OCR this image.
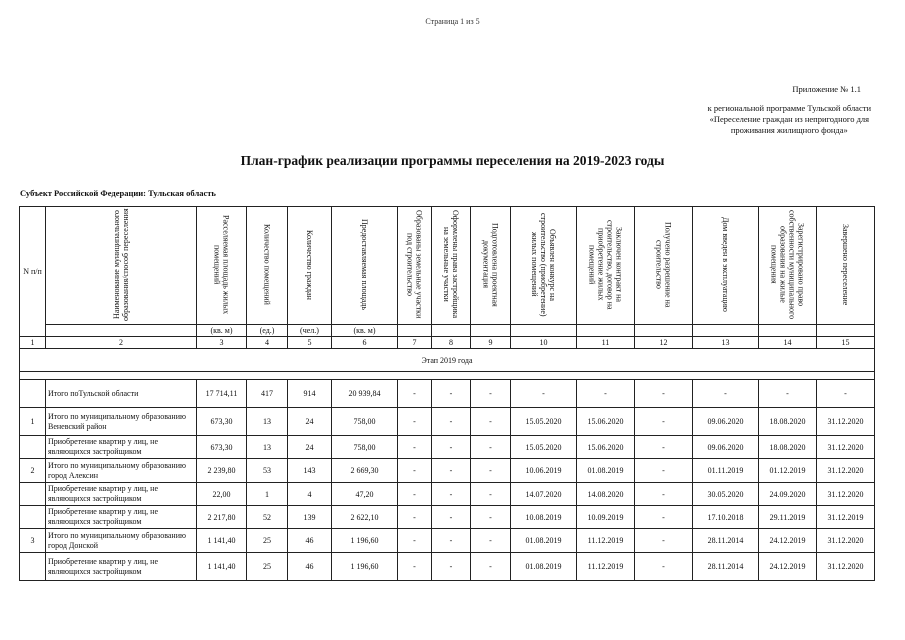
Страница 1 из 5
Приложение № 1.1
к региональной программе Тульской области
«Переселение граждан из непригодного для
проживания жилищного фонда»
План-график реализации программы переселения на 2019-2023 годы
Субъект Российской Федерации: Тульская область
N п/п	Наименование муниципального образования/способ переселения	Расселяемая площадь жилых помещений	Количество помещений	Количество граждан	Предоставляемая площадь	Образованы земельные участки под строительство	Оформлены права застройщика на земельные участки	Подготовлена проектная документация	Объявлен конкурс на строительство (приобретение) жилых помещений	Заключен контракт на строительство, договор на приобретение жилых помещений	Получено разрешение на строительство	Дом введен в эксплуатацию	Зарегистрировано право собственности муниципального образования на жилые помещения	Завершено переселение
		(кв. м)	(ед.)	(чел.)	(кв. м)									
1	2	3	4	5	6	7	8	9	10	11	12	13	14	15
Этап 2019 года														

	Итого поТульской области	17 714,11	417	914	20 939,84	-	-	-	-	-	-	-	-	-
1	Итого по муниципальному образованию Веневский район	673,30	13	24	758,00	-	-	-	15.05.2020	15.06.2020	-	09.06.2020	18.08.2020	31.12.2020
	Приобретение квартир у лиц, не являющихся застройщиком	673,30	13	24	758,00	-	-	-	15.05.2020	15.06.2020	-	09.06.2020	18.08.2020	31.12.2020
2	Итого по муниципальному образованию город Алексин	2 239,80	53	143	2 669,30	-	-	-	10.06.2019	01.08.2019	-	01.11.2019	01.12.2019	31.12.2020
	Приобретение квартир у лиц, не являющихся застройщиком	22,00	1	4	47,20	-	-	-	14.07.2020	14.08.2020	-	30.05.2020	24.09.2020	31.12.2020
	Приобретение квартир у лиц, не являющихся застройщиком	2 217,80	52	139	2 622,10	-	-	-	10.08.2019	10.09.2019	-	17.10.2018	29.11.2019	31.12.2019
3	Итого по муниципальному образованию город Донской	1 141,40	25	46	1 196,60	-	-	-	01.08.2019	11.12.2019	-	28.11.2014	24.12.2019	31.12.2020
	Приобретение квартир у лиц, не являющихся застройщиком	1 141,40	25	46	1 196,60	-	-	-	01.08.2019	11.12.2019	-	28.11.2014	24.12.2019	31.12.2020
